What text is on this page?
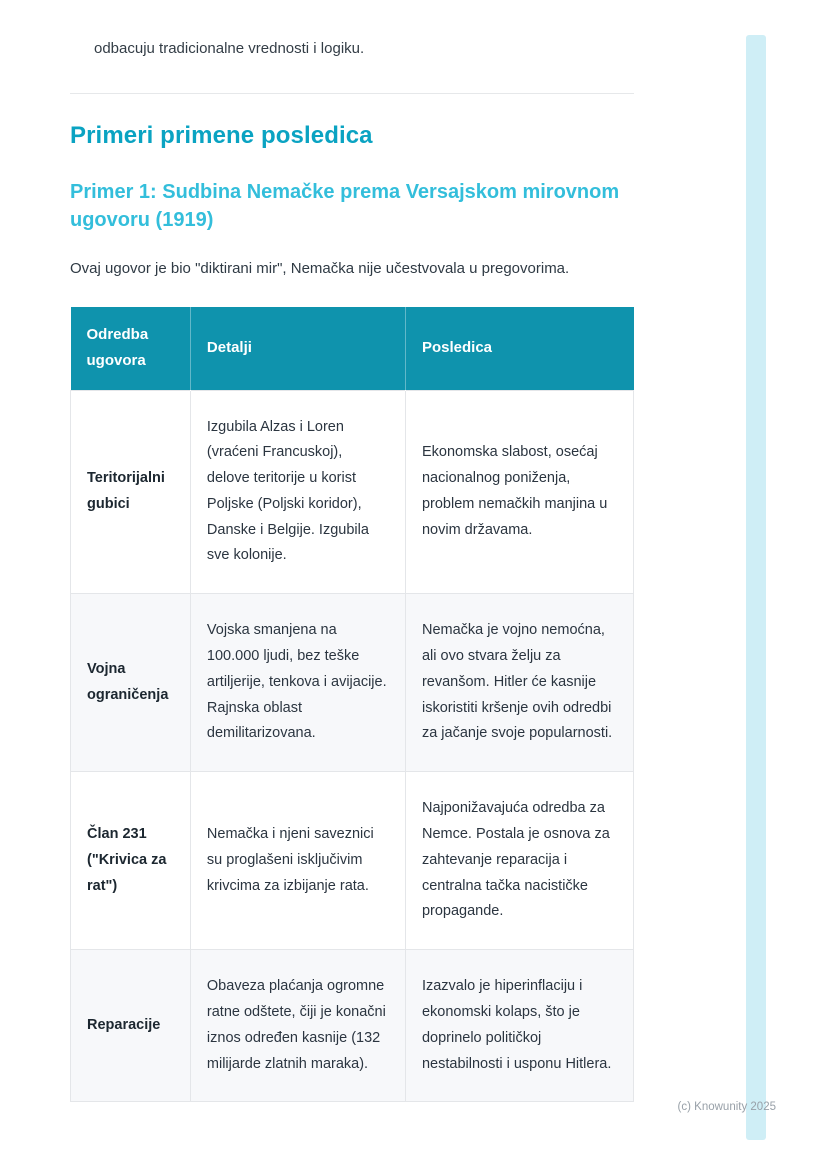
odbacuju tradicionalne vrednosti i logiku.

Primeri primene posledica
Primer 1: Sudbina Nemačke prema Versajskom mirovnom ugovoru (1919)

Ovaj ugovor je bio "diktirani mir", Nemačka nije učestvovala u pregovorima.

Odredba ugovora	Detalji	Posledica
Teritorijalni gubici	Izgubila Alzas i Loren (vraćeni Francuskoj), delove teritorije u korist Poljske (Poljski koridor), Danske i Belgije. Izgubila sve kolonije.	Ekonomska slabost, osećaj nacionalnog poniženja, problem nemačkih manjina u novim državama.
Vojna ograničenja	Vojska smanjena na 100.000 ljudi, bez teške artiljerije, tenkova i avijacije. Rajnska oblast demilitarizovana.	Nemačka je vojno nemoćna, ali ovo stvara želju za revanšom. Hitler će kasnije iskoristiti kršenje ovih odredbi za jačanje svoje popularnosti.
Član 231 ("Krivica za rat")	Nemačka i njeni saveznici su proglašeni isključivim krivcima za izbijanje rata.	Najponižavajuća odredba za Nemce. Postala je osnova za zahtevanje reparacija i centralna tačka nacističke propagande.
Reparacije	Obaveza plaćanja ogromne ratne odštete, čiji je konačni iznos određen kasnije (132 milijarde zlatnih maraka).	Izazvalo je hiperinflaciju i ekonomski kolaps, što je doprinelo političkoj nestabilnosti i usponu Hitlera.
(c) Knowunity 2025
